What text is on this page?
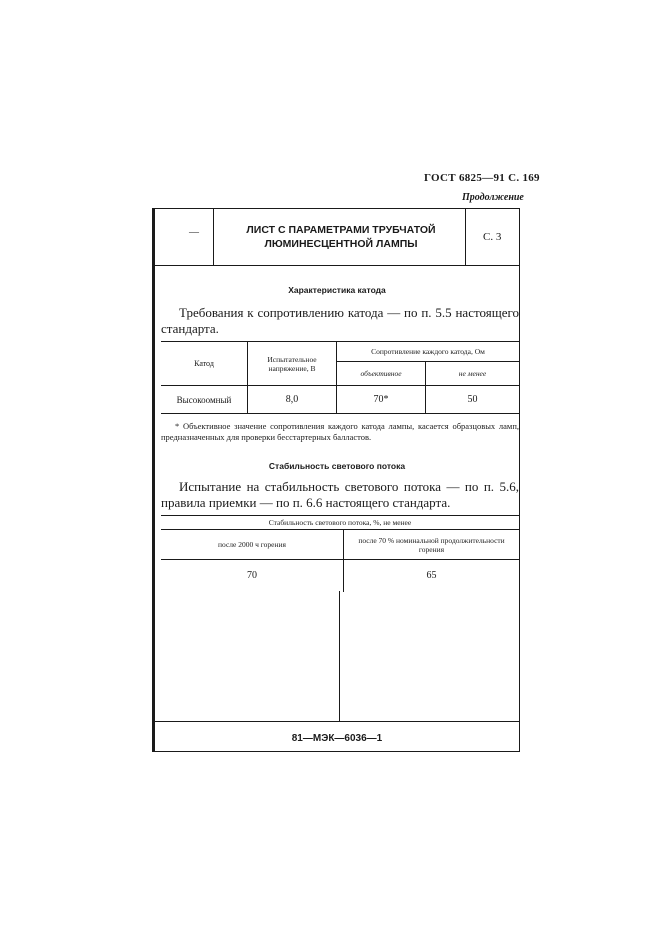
ГОСТ 6825—91 С. 169
Продолжение
—	ЛИСТ С ПАРАМЕТРАМИ ТРУБЧАТОЙ
ЛЮМИНЕСЦЕНТНОЙ ЛАМПЫ
С. 3
Характеристика катода
Требования к сопротивлению катода — по п. 5.5 настоящего стандарта.
Катод	Испытательное напряжение, В	Сопротивление каждого катода, Ом	
		объективное	не менее
Высокоомный	8,0	70*	50
* Объективное значение сопротивления каждого катода лампы, касается образцовых ламп, предназначенных для проверки бесстартерных балластов.
Стабильность светового потока
Испытание на стабильность светового потока — по п. 5.6, правила приемки — по п. 6.6 настоящего стандарта.
Стабильность светового потока, %, не менее	
после 2000 ч горения	после 70 % номинальной продолжительности горения
70	65
81—МЭК—6036—1
